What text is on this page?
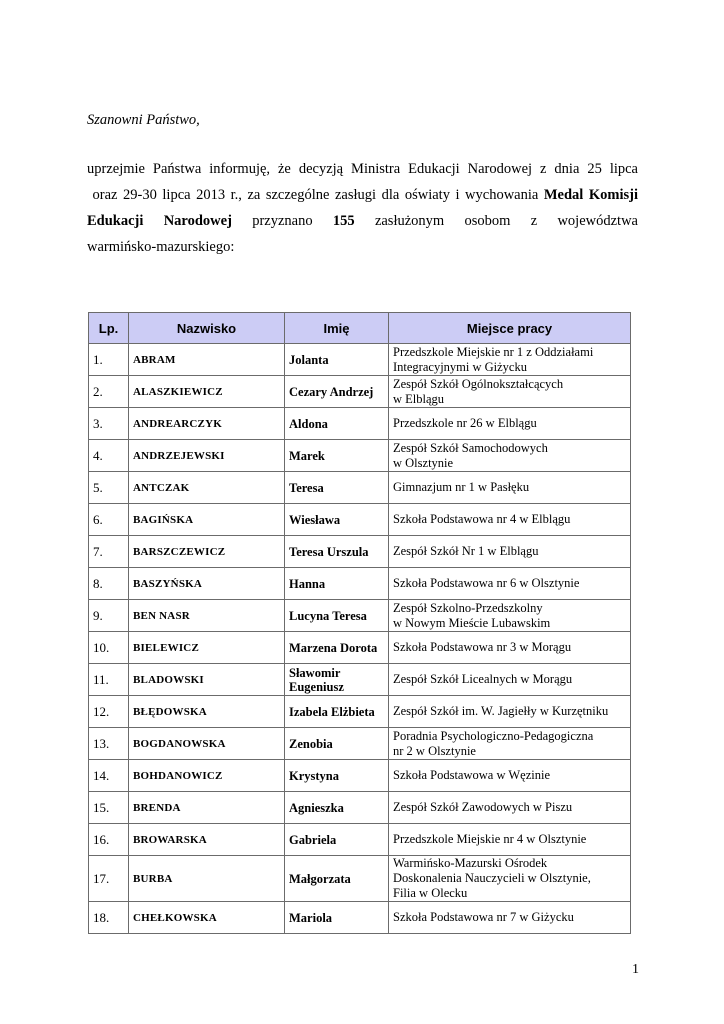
Szanowni Państwo,
uprzejmie Państwa informuję, że decyzją Ministra Edukacji Narodowej z dnia 25 lipca
oraz 29-30 lipca 2013 r., za szczególne zasługi dla oświaty i wychowania Medal Komisji
Edukacji Narodowej przyznano 155 zasłużonym osobom z województwa
warmińsko-mazurskiego:
Lp.	Nazwisko	Imię	Miejsce pracy
1.	ABRAM	Jolanta	Przedszkole Miejskie nr 1 z Oddziałami
Integracyjnymi w Giżycku

2.	ALASZKIEWICZ	Cezary Andrzej	Zespół Szkół Ogólnokształcących
w Elblągu

3.	ANDREARCZYK	Aldona	Przedszkole nr 26 w Elblągu

4.	ANDRZEJEWSKI	Marek	Zespół Szkół Samochodowych
w Olsztynie

5.	ANTCZAK	Teresa	Gimnazjum nr 1 w Pasłęku

6.	BAGIŃSKA	Wiesława	Szkoła Podstawowa nr 4 w Elblągu

7.	BARSZCZEWICZ	Teresa Urszula	Zespół Szkół Nr 1 w Elblągu

8.	BASZYŃSKA	Hanna	Szkoła Podstawowa nr 6 w Olsztynie

9.	BEN NASR	Lucyna Teresa	Zespół Szkolno-Przedszkolny
w Nowym Mieście Lubawskim

10.	BIELEWICZ	Marzena Dorota	Szkoła Podstawowa nr 3 w Morągu

11.	BLADOWSKI	Sławomir Eugeniusz	Zespół Szkół Licealnych w Morągu

12.	BŁĘDOWSKA	Izabela Elżbieta	Zespół Szkół im. W. Jagiełły w Kurzętniku

13.	BOGDANOWSKA	Zenobia	Poradnia Psychologiczno-Pedagogiczna
nr 2 w Olsztynie

14.	BOHDANOWICZ	Krystyna	Szkoła Podstawowa w Węzinie

15.	BRENDA	Agnieszka	Zespół Szkół Zawodowych w Piszu

16.	BROWARSKA	Gabriela	Przedszkole Miejskie nr 4 w Olsztynie

17.	BURBA	Małgorzata	Warmińsko-Mazurski Ośrodek
Doskonalenia Nauczycieli w Olsztynie,
Filia w Olecku

18.	CHEŁKOWSKA	Mariola	Szkoła Podstawowa nr 7 w Giżycku
1
